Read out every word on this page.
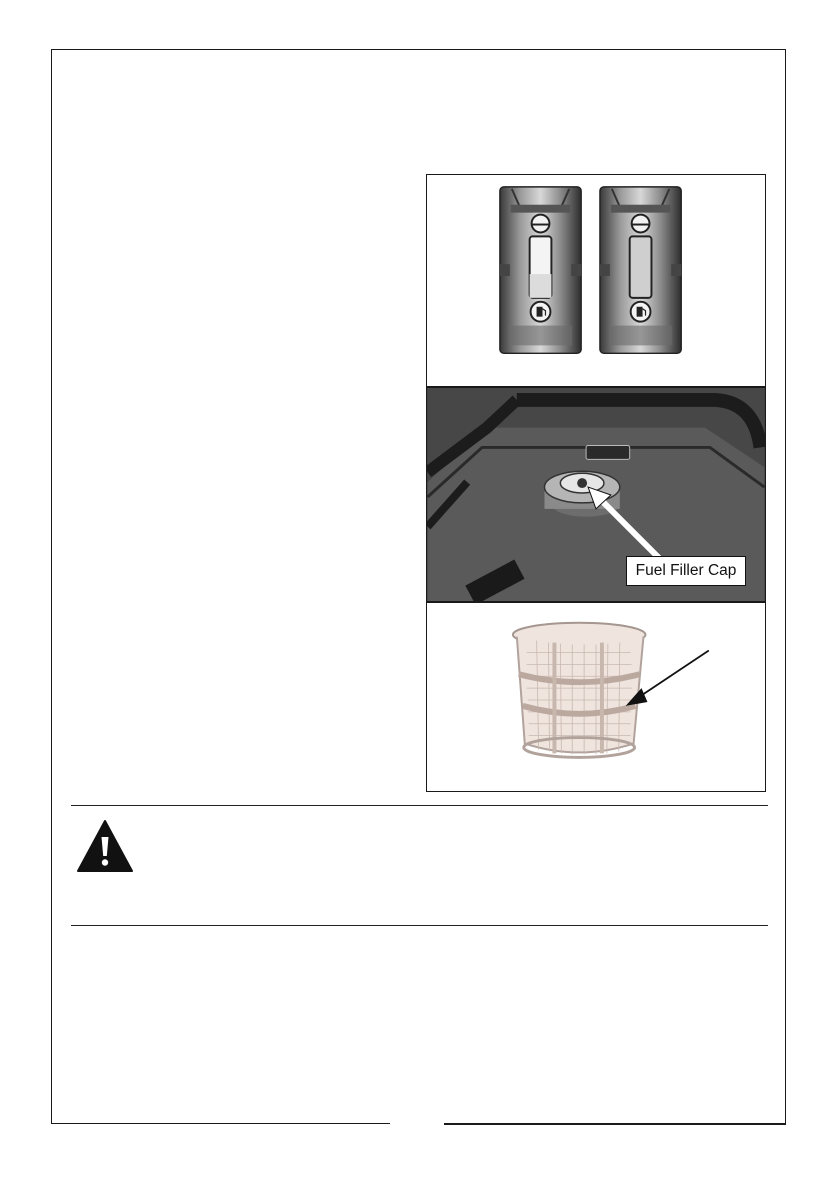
Fuel Filler Cap
